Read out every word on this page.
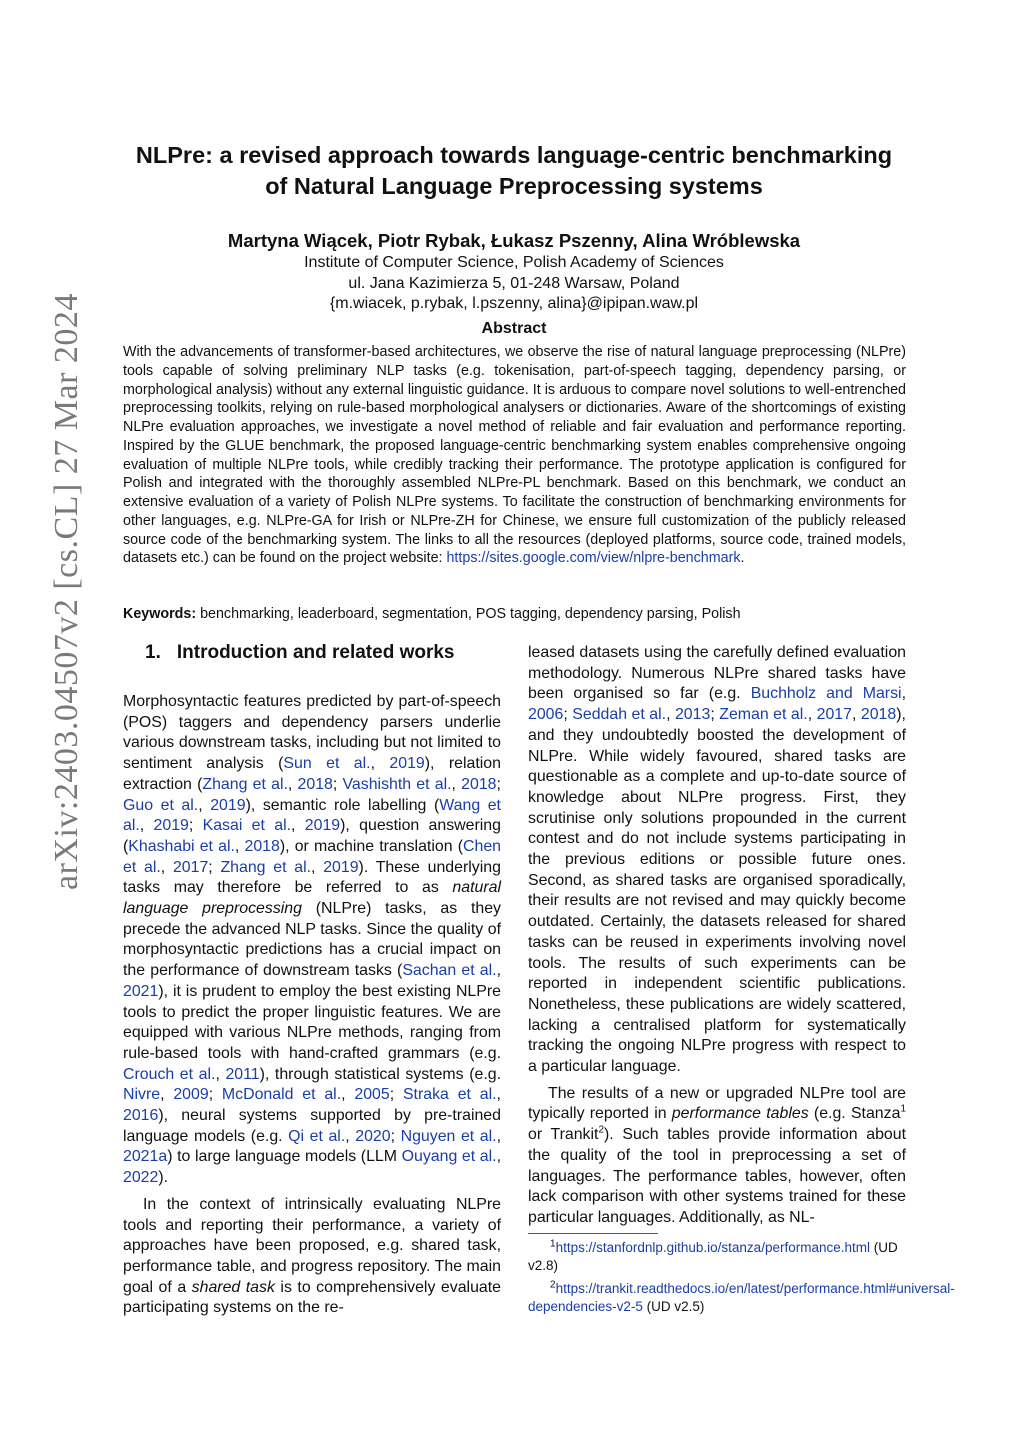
arXiv:2403.04507v2 [cs.CL] 27 Mar 2024
NLPre: a revised approach towards language-centric benchmarking
of Natural Language Preprocessing systems
Martyna Wiącek, Piotr Rybak, Łukasz Pszenny, Alina Wróblewska
Institute of Computer Science, Polish Academy of Sciences
ul. Jana Kazimierza 5, 01-248 Warsaw, Poland
{m.wiacek, p.rybak, l.pszenny, alina}@ipipan.waw.pl
Abstract

With the advancements of transformer-based architectures, we observe the rise of natural language preprocessing (NLPre) tools capable of solving preliminary NLP tasks (e.g. tokenisation, part-of-speech tagging, dependency parsing, or morphological analysis) without any external linguistic guidance. It is arduous to compare novel solutions to well-entrenched preprocessing toolkits, relying on rule-based morphological analysers or dictionaries. Aware of the shortcomings of existing NLPre evaluation approaches, we investigate a novel method of reliable and fair evaluation and performance reporting. Inspired by the GLUE benchmark, the proposed language-centric benchmarking system enables comprehensive ongoing evaluation of multiple NLPre tools, while credibly tracking their performance. The prototype application is configured for Polish and integrated with the thoroughly assembled NLPre-PL benchmark. Based on this benchmark, we conduct an extensive evaluation of a variety of Polish NLPre systems. To facilitate the construction of benchmarking environments for other languages, e.g. NLPre-GA for Irish or NLPre-ZH for Chinese, we ensure full customization of the publicly released source code of the benchmarking system. The links to all the resources (deployed platforms, source code, trained models, datasets etc.) can be found on the project website: https://sites.google.com/view/nlpre-benchmark.

Keywords: benchmarking, leaderboard, segmentation, POS tagging, dependency parsing, Polish
1. Introduction and related works

Morphosyntactic features predicted by part-of-speech (POS) taggers and dependency parsers underlie various downstream tasks, including but not limited to sentiment analysis (Sun et al., 2019), relation extraction (Zhang et al., 2018; Vashishth et al., 2018; Guo et al., 2019), semantic role labelling (Wang et al., 2019; Kasai et al., 2019), question answering (Khashabi et al., 2018), or machine translation (Chen et al., 2017; Zhang et al., 2019). These underlying tasks may therefore be referred to as natural language preprocessing (NLPre) tasks, as they precede the advanced NLP tasks. Since the quality of morphosyntactic predictions has a crucial impact on the performance of downstream tasks (Sachan et al., 2021), it is prudent to employ the best existing NLPre tools to predict the proper linguistic features. We are equipped with various NLPre methods, ranging from rule-based tools with hand-crafted grammars (e.g. Crouch et al., 2011), through statistical systems (e.g. Nivre, 2009; McDonald et al., 2005; Straka et al., 2016), neural systems supported by pre-trained language models (e.g. Qi et al., 2020; Nguyen et al., 2021a) to large language models (LLM Ouyang et al., 2022).

In the context of intrinsically evaluating NLPre tools and reporting their performance, a variety of approaches have been proposed, e.g. shared task, performance table, and progress repository. The main goal of a shared task is to comprehensively evaluate participating systems on the re-

leased datasets using the carefully defined evaluation methodology. Numerous NLPre shared tasks have been organised so far (e.g. Buchholz and Marsi, 2006; Seddah et al., 2013; Zeman et al., 2017, 2018), and they undoubtedly boosted the development of NLPre. While widely favoured, shared tasks are questionable as a complete and up-to-date source of knowledge about NLPre progress. First, they scrutinise only solutions propounded in the current contest and do not include systems participating in the previous editions or possible future ones. Second, as shared tasks are organised sporadically, their results are not revised and may quickly become outdated. Certainly, the datasets released for shared tasks can be reused in experiments involving novel tools. The results of such experiments can be reported in independent scientific publications. Nonetheless, these publications are widely scattered, lacking a centralised platform for systematically tracking the ongoing NLPre progress with respect to a particular language.

The results of a new or upgraded NLPre tool are typically reported in performance tables (e.g. Stanza$^1$ or Trankit$^2$). Such tables provide information about the quality of the tool in preprocessing a set of languages. The performance tables, however, often lack comparison with other systems trained for these particular languages. Additionally, as NL-

$^1$https://stanfordnlp.github.io/stanza/performance.html (UD v2.8)

$^2$https://trankit.readthedocs.io/en/latest/performance.html#universal-dependencies-v2-5 (UD v2.5)
